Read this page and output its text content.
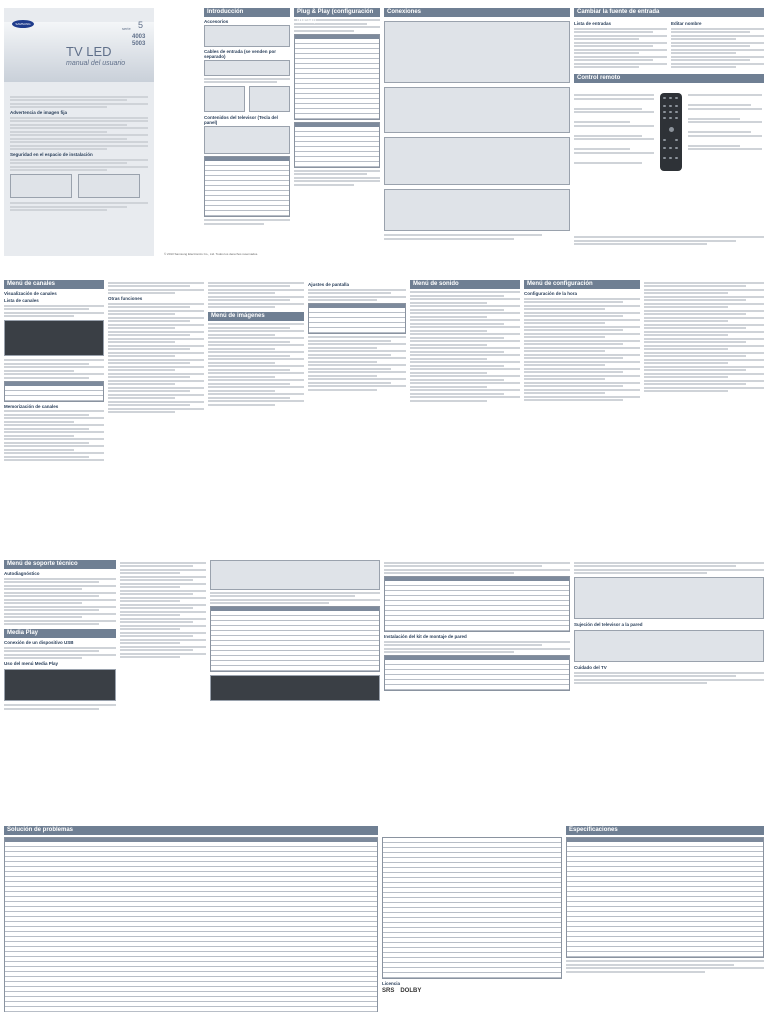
SAMSUNG
serie 5
4003
5003
TV LED
manual del usuario
Advertencia de imagen fija
Seguridad en el espacio de instalación
Introducción
Accesorios
Cables de entrada (se venden por separado)
Contenidos del televisor (Tecla del panel)
Plug & Play (configuración inicial)
Conexiones	Cambiar la fuente de entrada
Lista de entradas	Editar nombre
Control remoto
© 2013 Samsung Electronics Co., Ltd. Todos los derechos reservados.
Menú de canales
Visualización de canales
Lista de canales
Memorización de canales
Otras funciones
Menú de imágenes
Ajustes de pantalla	Menú de sonido	Menú de configuración
Configuración de la hora
Menú de soporte técnico
Autodiagnóstico
Media Play
Conexión de un dispositivo USB
Uso del menú Media Play
Instalación del kit de montaje de pared
Sujeción del televisor a la pared
Cuidado del TV
Solución de problemas
Licencia
SRS DOLBY
Especificaciones
